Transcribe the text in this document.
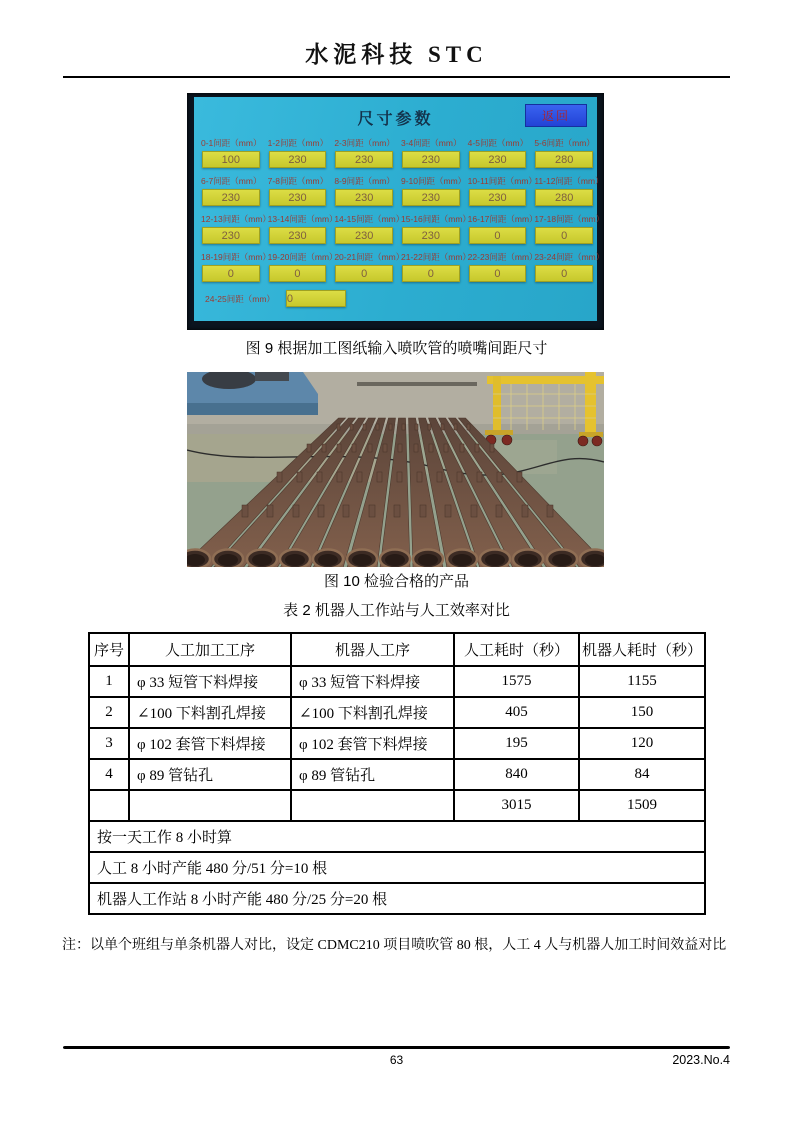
水泥科技 STC
尺寸参数	返回
0-1间距（mm）
100
1-2间距（mm）
230
2-3间距（mm）
230
3-4间距（mm）
230
4-5间距（mm）
230
5-6间距（mm）
280
6-7间距（mm）
230
7-8间距（mm）
230
8-9间距（mm）
230
9-10间距（mm）
230
10-11间距（mm）
230
11-12间距（mm）
280
12-13间距（mm）
230
13-14间距（mm）
230
14-15间距（mm）
230
15-16间距（mm）
230
16-17间距（mm）
0
17-18间距（mm）
0
18-19间距（mm）
0
19-20间距（mm）
0
20-21间距（mm）
0
21-22间距（mm）
0
22-23间距（mm）
0
23-24间距（mm）
0
24-25间距（mm） 0
图 9 根据加工图纸输入喷吹管的喷嘴间距尺寸
图 10 检验合格的产品
表 2 机器人工作站与人工效率对比
序号	人工加工工序	机器人工序	人工耗时（秒）	机器人耗时（秒）
1	φ 33 短管下料焊接	φ 33 短管下料焊接	1575	1155
2	∠100 下料割孔焊接	∠100 下料割孔焊接	405	150
3	φ 102 套管下料焊接	φ 102 套管下料焊接	195	120
4	φ 89 管钻孔	φ 89 管钻孔	840	84
			3015	1509
按一天工作 8 小时算				
人工 8 小时产能 480 分/51 分=10 根				
机器人工作站 8 小时产能 480 分/25 分=20 根				
注：以单个班组与单条机器人对比，设定 CDMC210 项目喷吹管 80 根，人工 4 人与机器人加工时间效益对比
63	2023.No.4
